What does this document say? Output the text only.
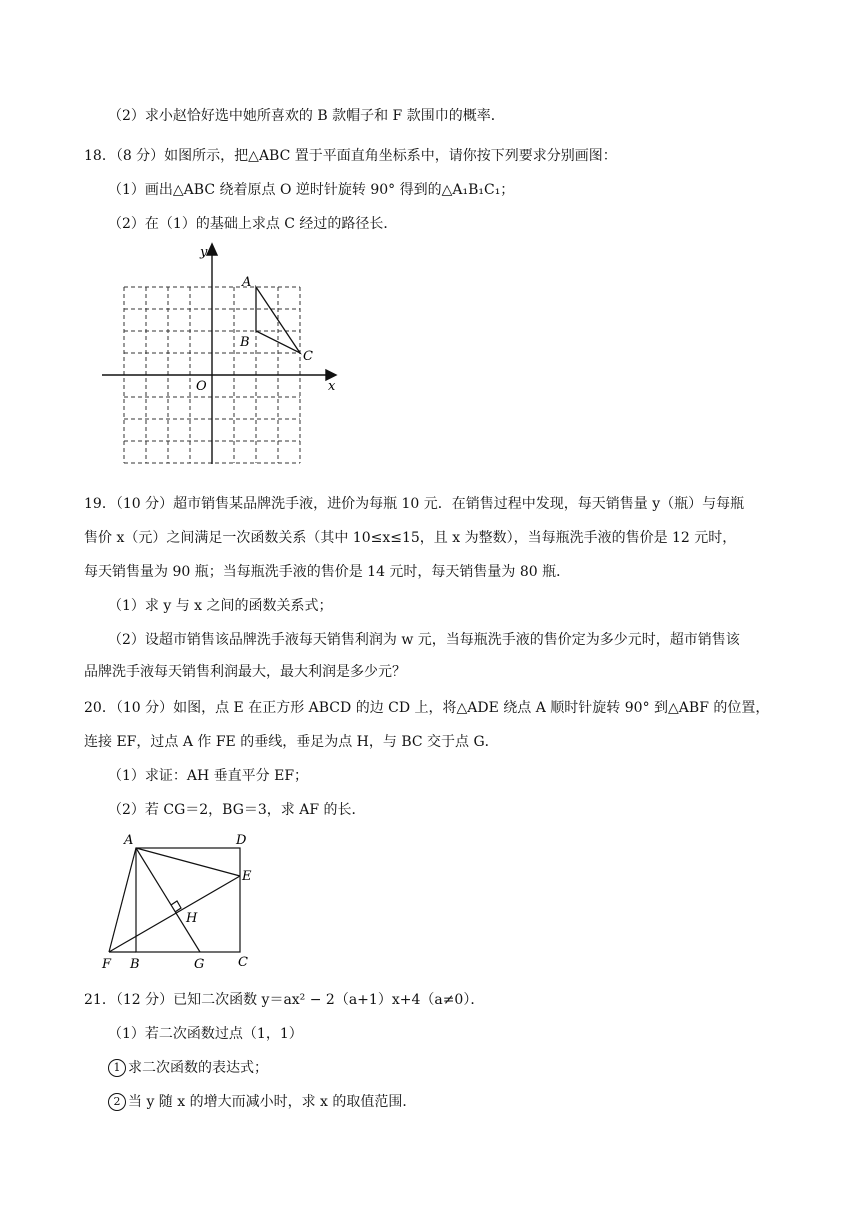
（2）求小赵恰好选中她所喜欢的 B 款帽子和 F 款围巾的概率．
18．（8 分）如图所示，把△ABC 置于平面直角坐标系中，请你按下列要求分别画图：
（1）画出△ABC 绕着原点 O 逆时针旋转 90° 得到的△A₁B₁C₁；
（2）在（1）的基础上求点 C 经过的路径长．
y
x
O
A
B
C
19．（10 分）超市销售某品牌洗手液，进价为每瓶 10 元．在销售过程中发现，每天销售量 y（瓶）与每瓶
售价 x（元）之间满足一次函数关系（其中 10≤x≤15，且 x 为整数），当每瓶洗手液的售价是 12 元时，
每天销售量为 90 瓶；当每瓶洗手液的售价是 14 元时，每天销售量为 80 瓶．
（1）求 y 与 x 之间的函数关系式；
（2）设超市销售该品牌洗手液每天销售利润为 w 元，当每瓶洗手液的售价定为多少元时，超市销售该
品牌洗手液每天销售利润最大，最大利润是多少元？
20．（10 分）如图，点 E 在正方形 ABCD 的边 CD 上，将△ADE 绕点 A 顺时针旋转 90° 到△ABF 的位置，
连接 EF，过点 A 作 FE 的垂线，垂足为点 H，与 BC 交于点 G．
（1）求证：AH 垂直平分 EF；
（2）若 CG＝2，BG＝3，求 AF 的长．
A	D
E
H
F B	G	C
21．（12 分）已知二次函数 y＝ax² − 2（a+1）x+4（a≠0）．
（1）若二次函数过点（1，1）
1 求二次函数的表达式；
2 当 y 随 x 的增大而减小时，求 x 的取值范围．
